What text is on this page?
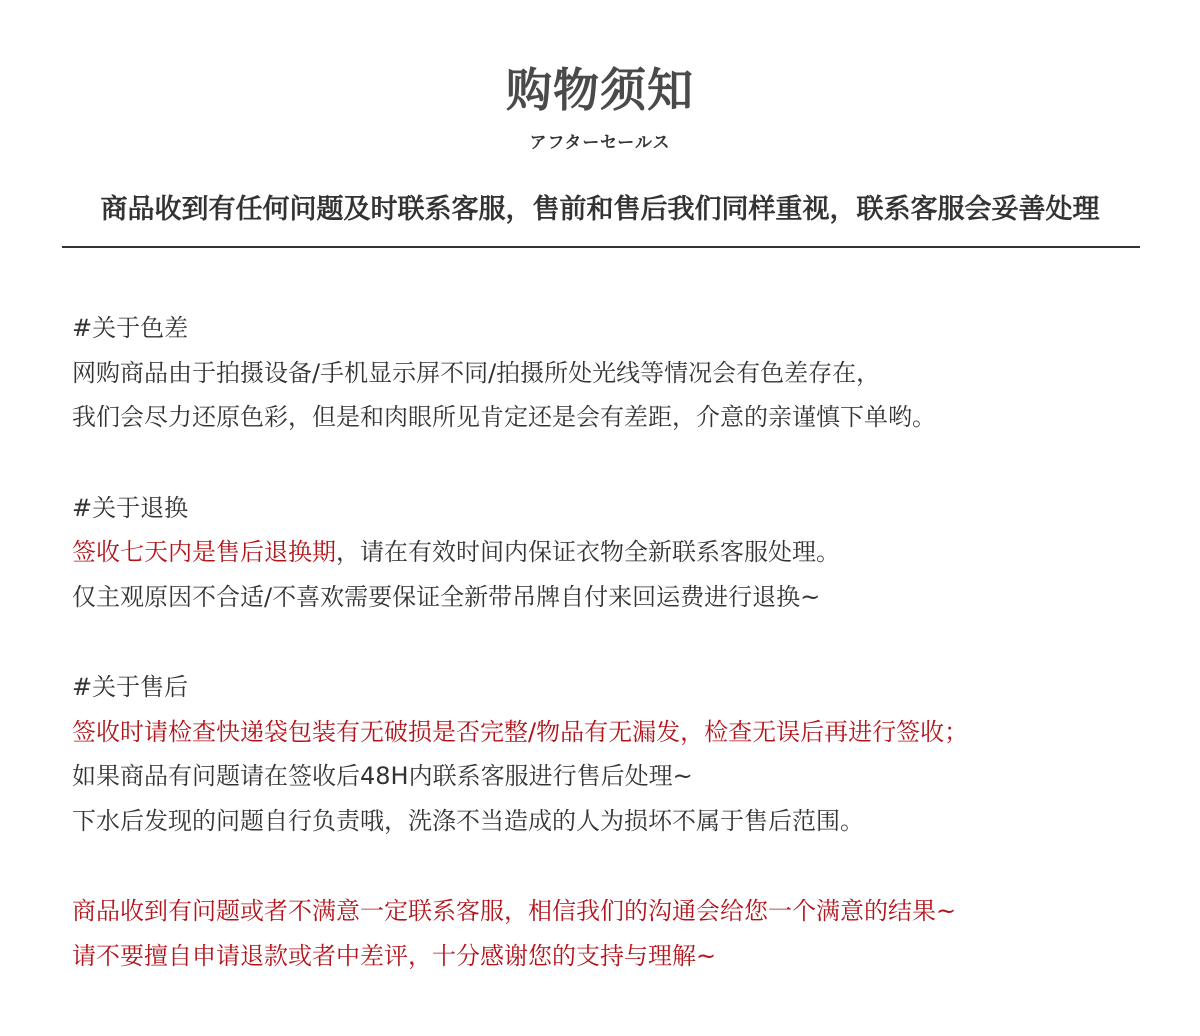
购物须知
アフターセールス
商品收到有任何问题及时联系客服，售前和售后我们同样重视，联系客服会妥善处理
#关于色差
网购商品由于拍摄设备/手机显示屏不同/拍摄所处光线等情况会有色差存在，
我们会尽力还原色彩，但是和肉眼所见肯定还是会有差距，介意的亲谨慎下单哟。
#关于退换
签收七天内是售后退换期，请在有效时间内保证衣物全新联系客服处理。
仅主观原因不合适/不喜欢需要保证全新带吊牌自付来回运费进行退换~
#关于售后
签收时请检查快递袋包装有无破损是否完整/物品有无漏发，检查无误后再进行签收；
如果商品有问题请在签收后48H内联系客服进行售后处理~
下水后发现的问题自行负责哦，洗涤不当造成的人为损坏不属于售后范围。
商品收到有问题或者不满意一定联系客服，相信我们的沟通会给您一个满意的结果~
请不要擅自申请退款或者中差评，十分感谢您的支持与理解~
